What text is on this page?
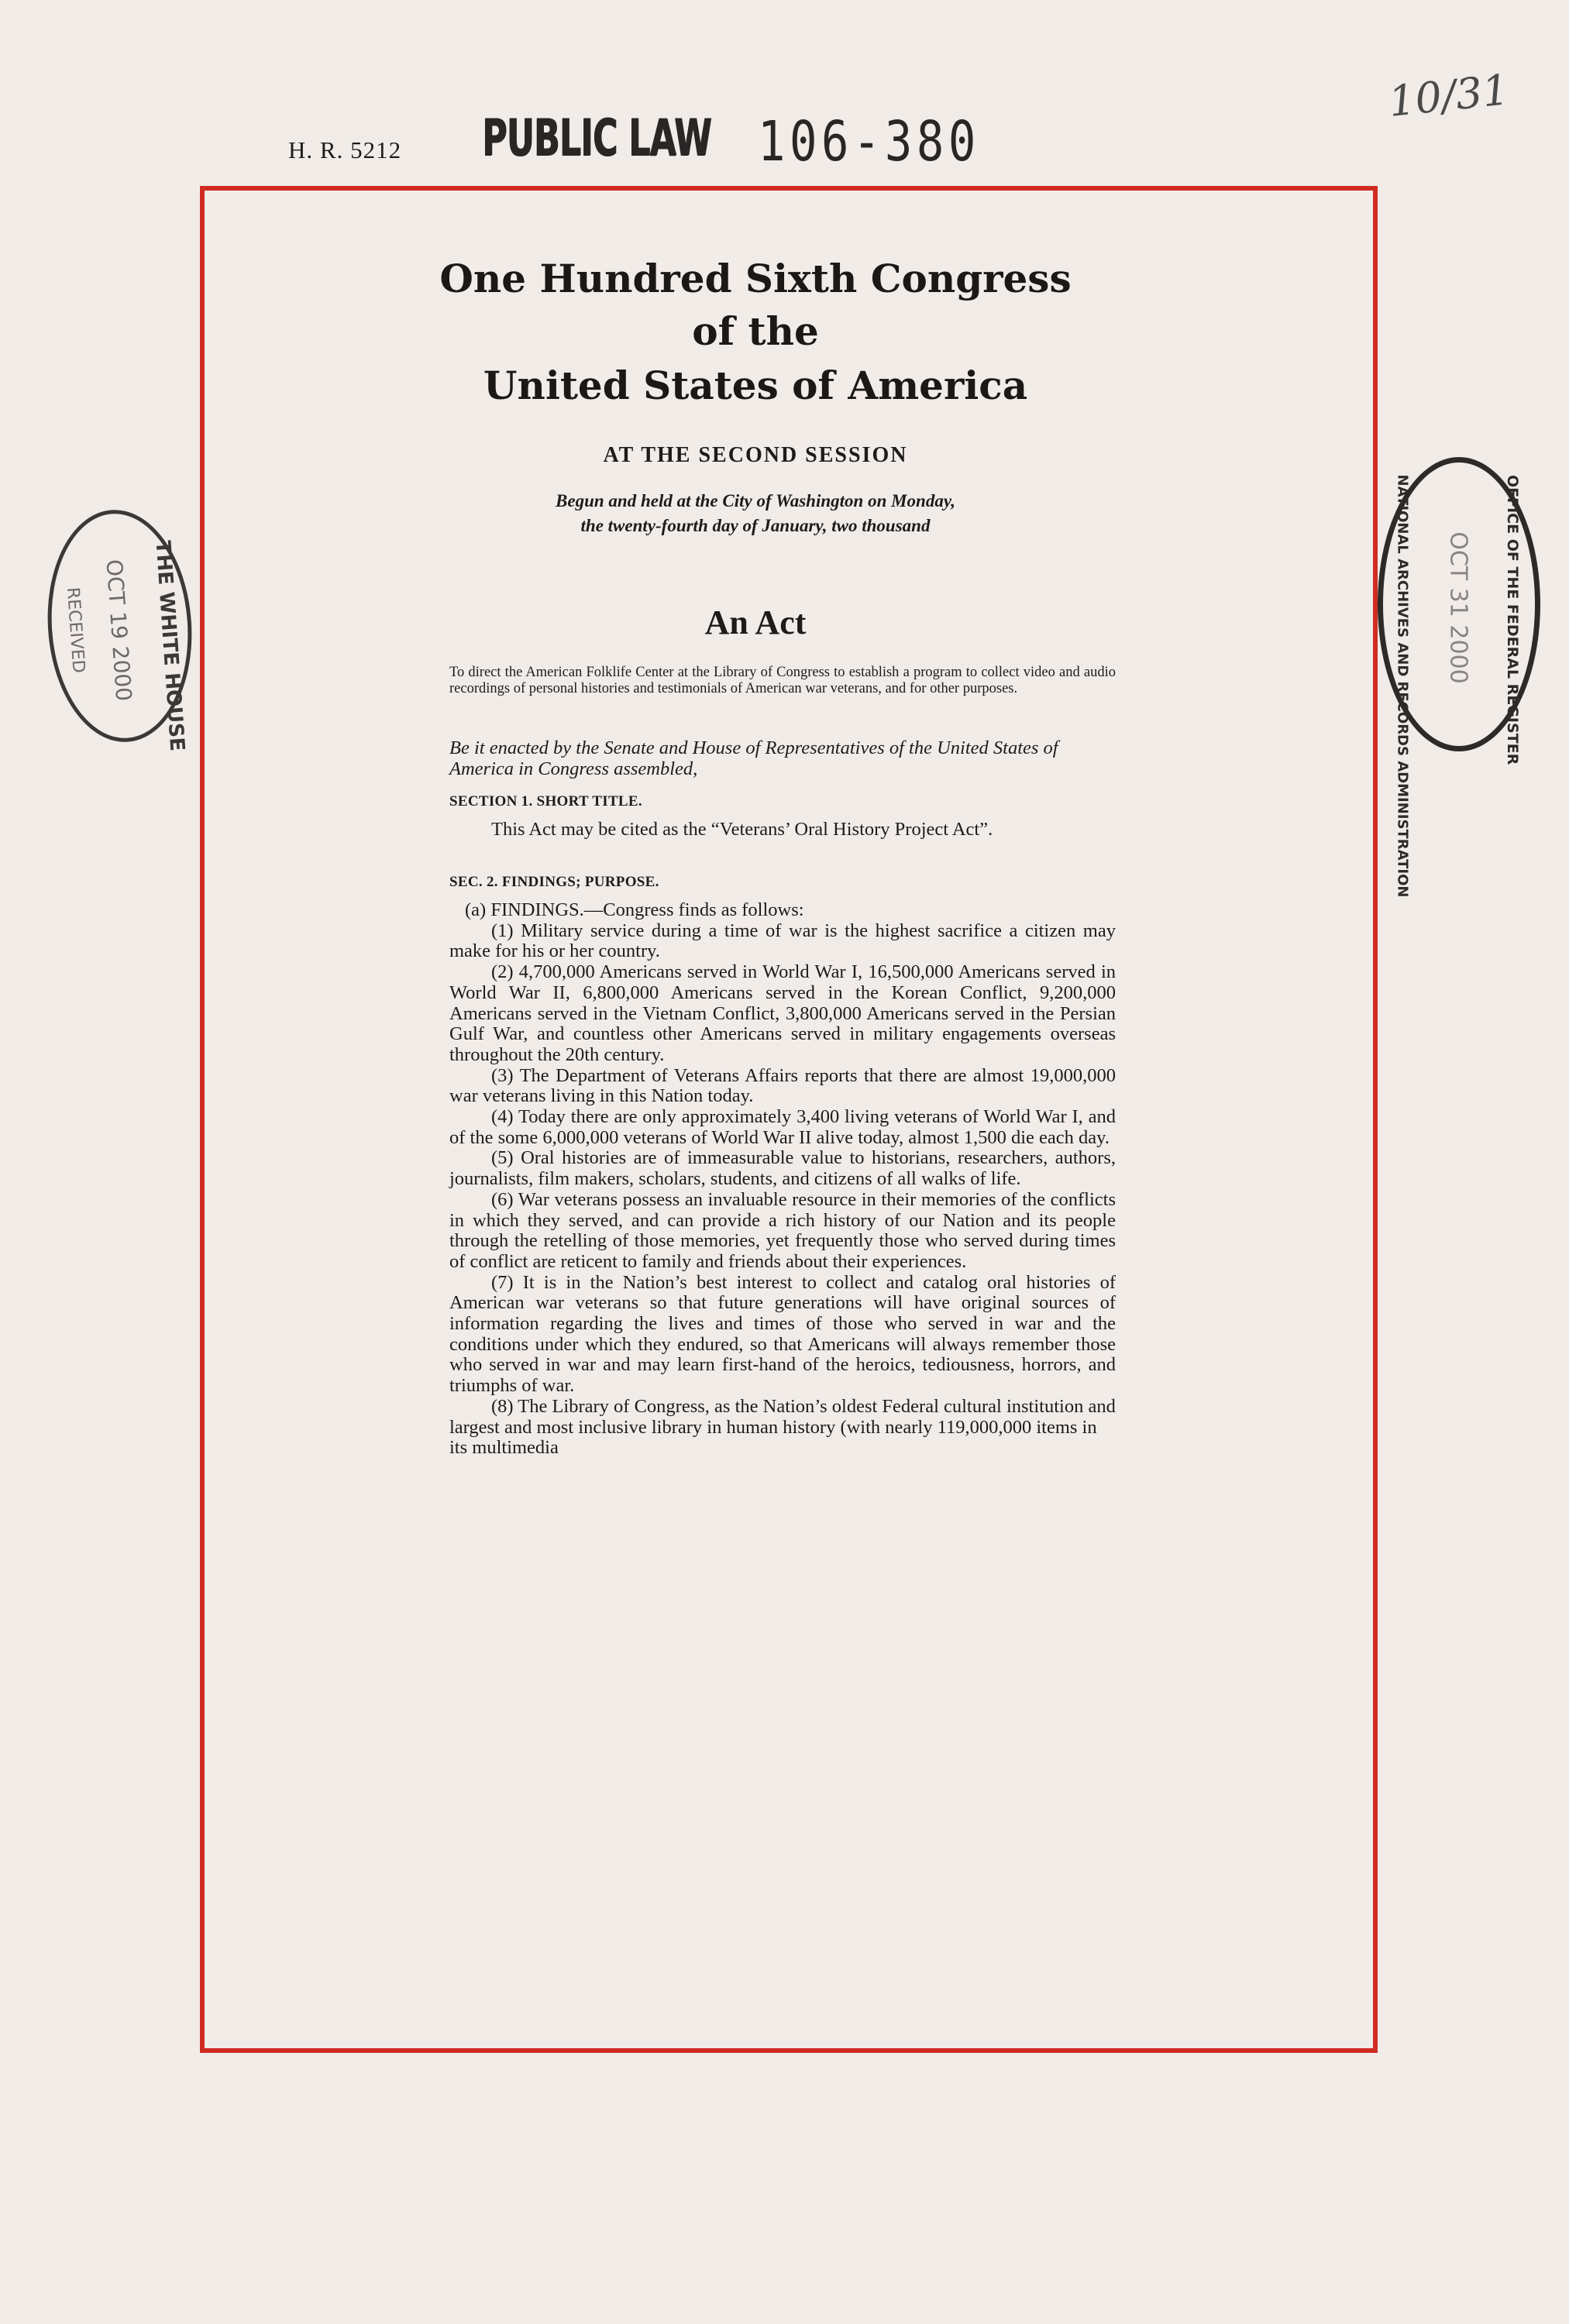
H. R. 5212 PUBLIC LAW 106-380
10/31
One Hundred Sixth Congress
of the
United States of America
AT THE SECOND SESSION
Begun and held at the City of Washington on Monday,
the twenty-fourth day of January, two thousand
An Act
To direct the American Folklife Center at the Library of Congress to establish a program to collect video and audio recordings of personal histories and testimonials of American war veterans, and for other purposes.
Be it enacted by the Senate and House of Representatives of the United States of America in Congress assembled,
SECTION 1. SHORT TITLE.
This Act may be cited as the “Veterans’ Oral History Project Act”.
SEC. 2. FINDINGS; PURPOSE.

(a) FINDINGS.—Congress finds as follows:

(1) Military service during a time of war is the highest sacrifice a citizen may make for his or her country.

(2) 4,700,000 Americans served in World War I, 16,500,000 Americans served in World War II, 6,800,000 Americans served in the Korean Conflict, 9,200,000 Americans served in the Vietnam Conflict, 3,800,000 Americans served in the Persian Gulf War, and countless other Americans served in military engagements overseas throughout the 20th century.

(3) The Department of Veterans Affairs reports that there are almost 19,000,000 war veterans living in this Nation today.

(4) Today there are only approximately 3,400 living veterans of World War I, and of the some 6,000,000 veterans of World War II alive today, almost 1,500 die each day.

(5) Oral histories are of immeasurable value to historians, researchers, authors, journalists, film makers, scholars, students, and citizens of all walks of life.

(6) War veterans possess an invaluable resource in their memories of the conflicts in which they served, and can provide a rich history of our Nation and its people through the retelling of those memories, yet frequently those who served during times of conflict are reticent to family and friends about their experiences.

(7) It is in the Nation’s best interest to collect and catalog oral histories of American war veterans so that future generations will have original sources of information regarding the lives and times of those who served in war and the conditions under which they endured, so that Americans will always remember those who served in war and may learn first-hand of the heroics, tediousness, horrors, and triumphs of war.

(8) The Library of Congress, as the Nation’s oldest Federal cultural institution and largest and most inclusive library in human history (with nearly 119,000,000 items in its multimedia

THE WHITE HOUSE
OCT 19 2000
RECEIVED	OFFICE OF THE FEDERAL REGISTER
OCT 31 2000
NATIONAL ARCHIVES AND RECORDS ADMINISTRATION
